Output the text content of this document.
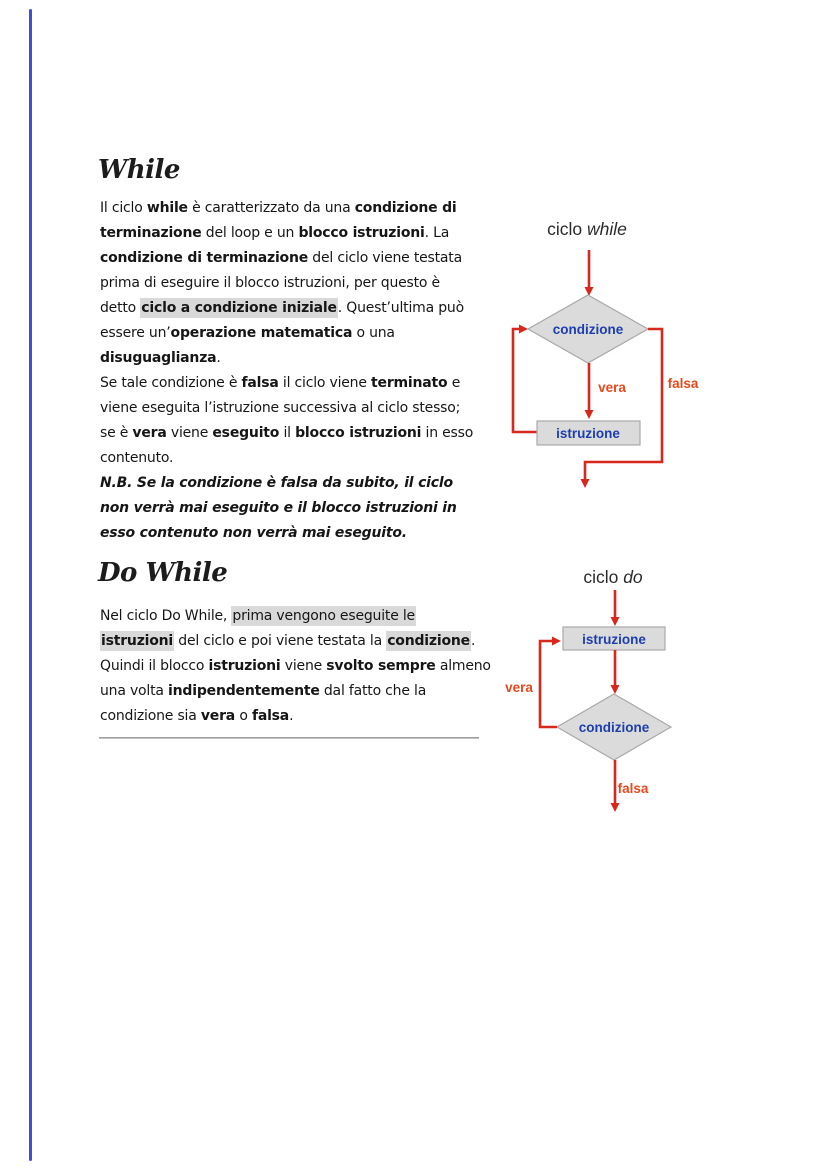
While
Il ciclo while è caratterizzato da una condizione di
terminazione del loop e un blocco istruzioni. La
condizione di terminazione del ciclo viene testata
prima di eseguire il blocco istruzioni, per questo è
detto ciclo a condizione iniziale. Quest’ultima può
essere un’operazione matematica o una
disuguaglianza.
Se tale condizione è falsa il ciclo viene terminato e
viene eseguita l’istruzione successiva al ciclo stesso;
se è vera viene eseguito il blocco istruzioni in esso
contenuto.
N.B. Se la condizione è falsa da subito, il ciclo
non verrà mai eseguito e il blocco istruzioni in
esso contenuto non verrà mai eseguito.
Do While
Nel ciclo Do While, prima vengono eseguite le
istruzioni del ciclo e poi viene testata la condizione.
Quindi il blocco istruzioni viene svolto sempre almeno
una volta indipendentemente dal fatto che la
condizione sia vera o falsa.
ciclo while
condizione
vera	falsa
istruzione
ciclo do
istruzione
condizione
vera
falsa
